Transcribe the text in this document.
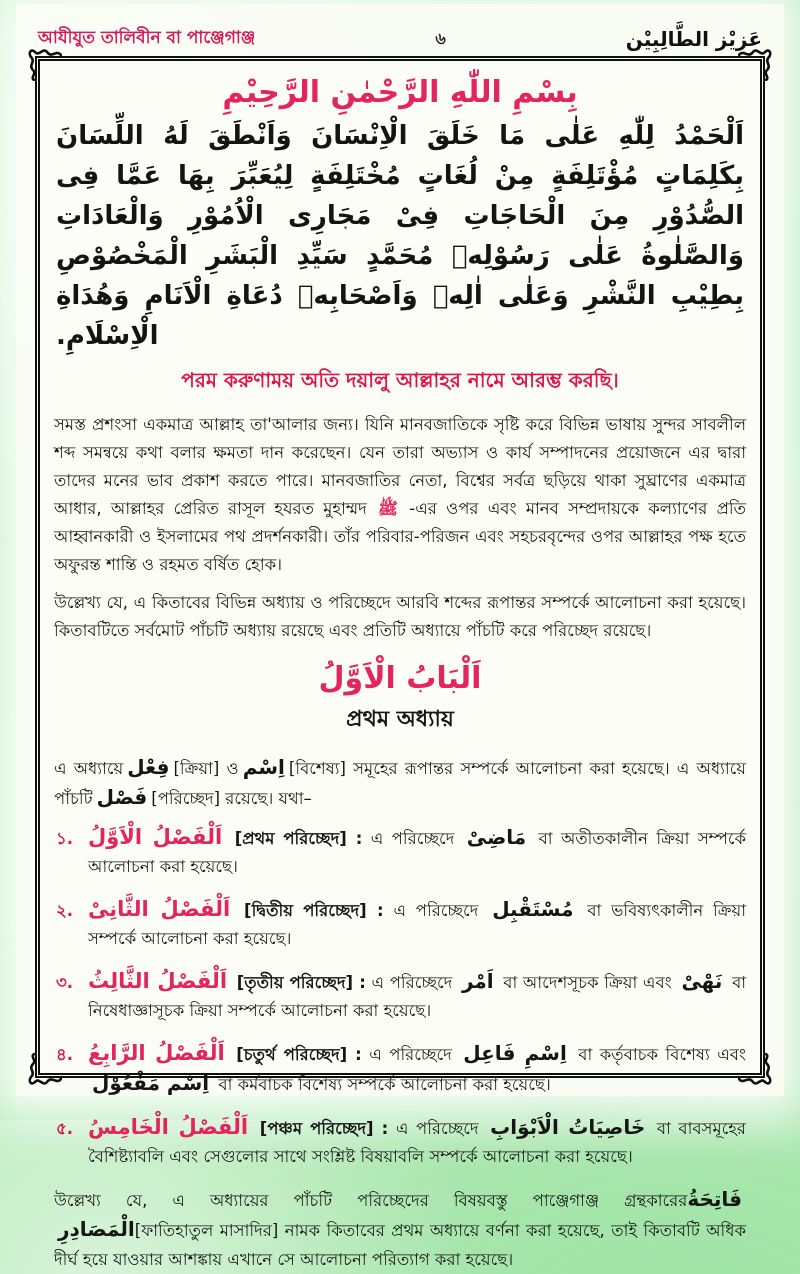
আযীযুত তালিবীন বা পাঞ্জেগাঞ্জ	৬	عَزِيْز الطَّالِبِيْن
بِسْمِ اللّٰهِ الرَّحْمٰنِ الرَّحِيْمِ
اَلْحَمْدُ لِلّٰهِ عَلٰى مَا خَلَقَ الْاِنْسَانَ وَاَنْطَقَ لَهُ اللِّسَانَ بِكَلِمَاتٍ مُؤْتَلِفَةٍ مِنْ لُغَاتٍ مُخْتَلِفَةٍ لِيُعَبِّرَ بِهَا عَمَّا فِى الصُّدُوْرِ مِنَ الْحَاجَاتِ فِىْ مَجَارِى الْاُمُوْرِ وَالْعَادَاتِ وَالصَّلٰوةُ عَلٰى رَسُوْلِهٖ مُحَمَّدٍ سَيِّدِ الْبَشَرِ الْمَخْصُوْصِ بِطِيْبِ النَّشْرِ وَعَلٰى اٰلِهٖ وَاَصْحَابِهٖ دُعَاةِ الْاَنَامِ وَهُدَاةِ الْاِسْلَامِ.
পরম করুণাময় অতি দয়ালু আল্লাহর নামে আরম্ভ করছি।

সমস্ত প্রশংসা একমাত্র আল্লাহ তা'আলার জন্য। যিনি মানবজাতিকে সৃষ্টি করে বিভিন্ন ভাষায় সুন্দর সাবলীল শব্দ সমন্বয়ে কথা বলার ক্ষমতা দান করেছেন। যেন তারা অভ্যাস ও কার্য সম্পাদনের প্রয়োজনে এর দ্বারা তাদের মনের ভাব প্রকাশ করতে পারে। মানবজাতির নেতা, বিশ্বের সর্বত্র ছড়িয়ে থাকা সুঘ্রাণের একমাত্র আধার, আল্লাহর প্রেরিত রাসূল হযরত মুহাম্মদ ﷺ -এর ওপর এবং মানব সম্প্রদায়কে কল্যাণের প্রতি আহ্বানকারী ও ইসলামের পথ প্রদর্শনকারী। তাঁর পরিবার-পরিজন এবং সহচরবৃন্দের ওপর আল্লাহর পক্ষ হতে অফুরন্ত শান্তি ও রহমত বর্ষিত হোক।

উল্লেখ্য যে, এ কিতাবের বিভিন্ন অধ্যায় ও পরিচ্ছেদে আরবি শব্দের রূপান্তর সম্পর্কে আলোচনা করা হয়েছে। কিতাবটিতে সর্বমোট পাঁচটি অধ্যায় রয়েছে এবং প্রতিটি অধ্যায়ে পাঁচটি করে পরিচ্ছেদ রয়েছে।

اَلْبَابُ الْاَوَّلُ
প্রথম অধ্যায়

এ অধ্যায়ে فِعْل [ক্রিয়া] ও اِسْم [বিশেষ্য] সমূহের রূপান্তর সম্পর্কে আলোচনা করা হয়েছে। এ অধ্যায়ে পাঁচটি فَصْل [পরিচ্ছেদ] রয়েছে। যথা–

১. اَلْفَصْلُ الْاَوَّلُ [প্রথম পরিচ্ছেদ] : এ পরিচ্ছেদে مَاضِىْ বা অতীতকালীন ক্রিয়া সম্পর্কে আলোচনা করা হয়েছে।
২. اَلْفَصْلُ الثَّانِىْ [দ্বিতীয় পরিচ্ছেদ] : এ পরিচ্ছেদে مُسْتَقْبِل বা ভবিষ্যৎকালীন ক্রিয়া সম্পর্কে আলোচনা করা হয়েছে।
৩. اَلْفَصْلُ الثَّالِثُ [তৃতীয় পরিচ্ছেদ] : এ পরিচ্ছেদে اَمْر বা আদেশসূচক ক্রিয়া এবং نَهْىْ বা নিষেধাজ্ঞাসূচক ক্রিয়া সম্পর্কে আলোচনা করা হয়েছে।
৪. اَلْفَصْلُ الرَّابِعُ [চতুর্থ পরিচ্ছেদ] : এ পরিচ্ছেদে اِسْمِ فَاعِل বা কর্তৃবাচক বিশেষ্য এবং اِسْم مَفْعُوْل বা কর্মবাচক বিশেষ্য সম্পর্কে আলোচনা করা হয়েছে।
৫. اَلْفَصْلُ الْخَامِسُ [পঞ্চম পরিচ্ছেদ] : এ পরিচ্ছেদে خَاصِيَاتُ الْاَبْوَابِ বা বাবসমূহের বৈশিষ্ট্যাবলি এবং সেগুলোর সাথে সংশ্লিষ্ট বিষয়াবলি সম্পর্কে আলোচনা করা হয়েছে।

উল্লেখ্য যে, এ অধ্যায়ের পাঁচটি পরিচ্ছেদের বিষয়বস্তু পাঞ্জেগাঞ্জ গ্রন্থকারেরفَاتِحَةُ الْمَصَادِرِ[ফাতিহাতুল মাসাদির] নামক কিতাবের প্রথম অধ্যায়ে বর্ণনা করা হয়েছে, তাই কিতাবটি অধিক দীর্ঘ হয়ে যাওয়ার আশঙ্কায় এখানে সে আলোচনা পরিত্যাগ করা হয়েছে।
